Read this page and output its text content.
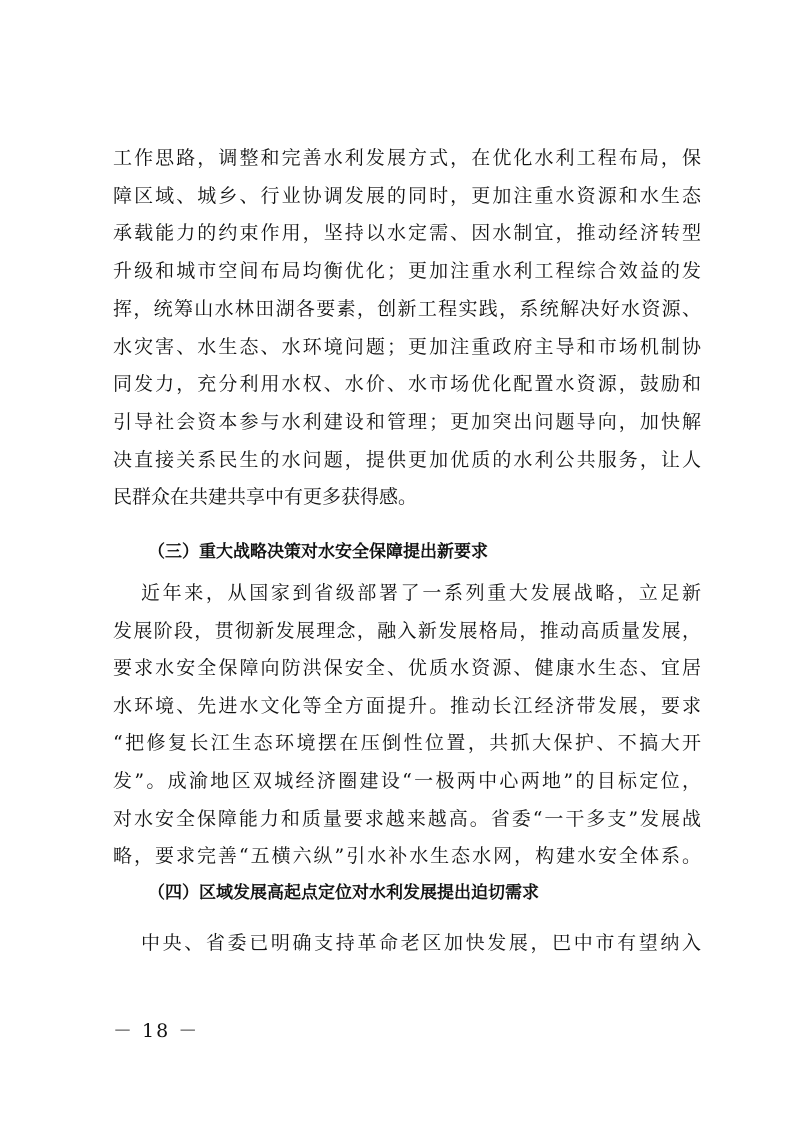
工作思路，调整和完善水利发展方式，在优化水利工程布局，保
障区域、城乡、行业协调发展的同时，更加注重水资源和水生态
承载能力的约束作用，坚持以水定需、因水制宜，推动经济转型
升级和城市空间布局均衡优化；更加注重水利工程综合效益的发
挥，统筹山水林田湖各要素，创新工程实践，系统解决好水资源、
水灾害、水生态、水环境问题；更加注重政府主导和市场机制协
同发力，充分利用水权、水价、水市场优化配置水资源，鼓励和
引导社会资本参与水利建设和管理；更加突出问题导向，加快解
决直接关系民生的水问题，提供更加优质的水利公共服务，让人
民群众在共建共享中有更多获得感。
（三）重大战略决策对水安全保障提出新要求
近年来，从国家到省级部署了一系列重大发展战略，立足新
发展阶段，贯彻新发展理念，融入新发展格局，推动高质量发展，
要求水安全保障向防洪保安全、优质水资源、健康水生态、宜居
水环境、先进水文化等全方面提升。推动长江经济带发展，要求
“把修复长江生态环境摆在压倒性位置，共抓大保护、不搞大开
发”。成渝地区双城经济圈建设“一极两中心两地”的目标定位，
对水安全保障能力和质量要求越来越高。省委“一干多支”发展战
略，要求完善“五横六纵”引水补水生态水网，构建水安全体系。
（四）区域发展高起点定位对水利发展提出迫切需求
中央、省委已明确支持革命老区加快发展，巴中市有望纳入
－ 18 －
